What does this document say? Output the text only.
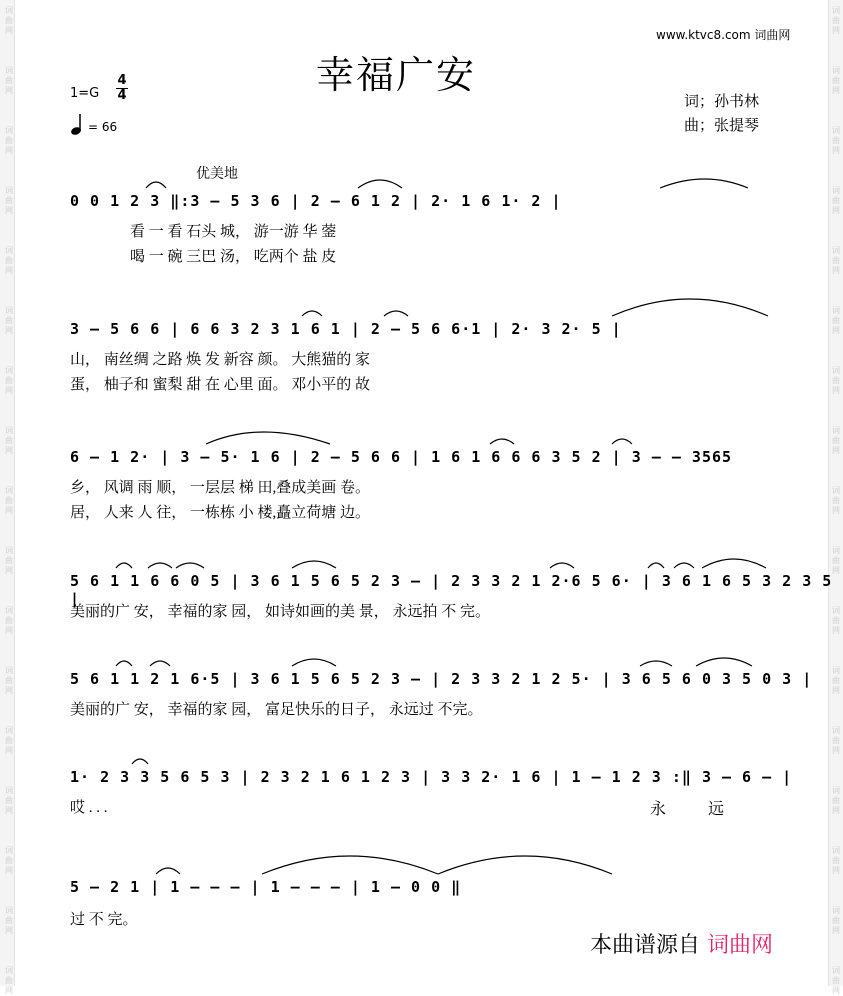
词
曲
网
词
曲
网
词
曲
网
词
曲
网
词
曲
网
词
曲
网
词
曲
网
词
曲
网
词
曲
网
词
曲
网
词
曲
网
词
曲
网
词
曲
网
词
曲
网
词
曲
网
词
曲
网
词
曲
网
词
曲
网
词
曲
网
词
曲
网
词
曲
网
词
曲
网
词
曲
网
词
曲
网
词
曲
网
词
曲
网
词
曲
网
词
曲
网
词
曲
网
词
曲
网
词
曲
网
词
曲
网
词
曲
网
词
曲
网
www.ktvc8.com 词曲网
幸福广安
1=G
4
4
= 66
词；孙书林
曲；张提琴
优美地
0 0 1 2 3 ‖:3 – 5 3 6 | 2 – 6 1 2 | 2· 1 6 1· 2 |
看 一 看 石头 城， 游一游 华 蓥
喝 一 碗 三巴 汤， 吃两个 盐 皮
3 – 5 6 6 | 6 6 3 2 3 1 6 1 | 2 – 5 6 6·1 | 2· 3 2· 5 |
山， 南丝绸 之路 焕 发 新容 颜。 大熊猫的 家
蛋， 柚子和 蜜梨 甜 在 心里 面。 邓小平的 故
6 – 1 2· | 3 – 5· 1 6 | 2 – 5 6 6 | 1 6 1 6 6 6 3 5 2 | 3 – – 3565
乡， 风调 雨 顺， 一层层 梯 田,叠成美画 卷。
居， 人来 人 往， 一栋栋 小 楼,矗立荷塘 边。
5 6 1 1 6 6 0 5 | 3 6 1 5 6 5 2 3 – | 2 3 3 2 1 2·6 5 6· | 3 6 1 6 5 3 2 3 5 |
美丽的广 安， 幸福的家 园， 如诗如画的美 景， 永远拍 不 完。
5 6 1 1 2 1 6·5 | 3 6 1 5 6 5 2 3 – | 2 3 3 2 1 2 5· | 3 6 5 6 0 3 5 0 3 |
美丽的广 安， 幸福的家 园， 富足快乐的日子， 永远过 不完。
1· 2 3 3 5 6 5 3 | 2 3 2 1 6 1 2 3 | 3 3 2· 1 6 | 1 – 1 2 3 :‖ 3 – 6 – |
哎 . . .	永	远
5 – 2 1 | 1 – – – | 1 – – – | 1 – 0 0 ‖
过 不 完。
本曲谱源自 词曲网
